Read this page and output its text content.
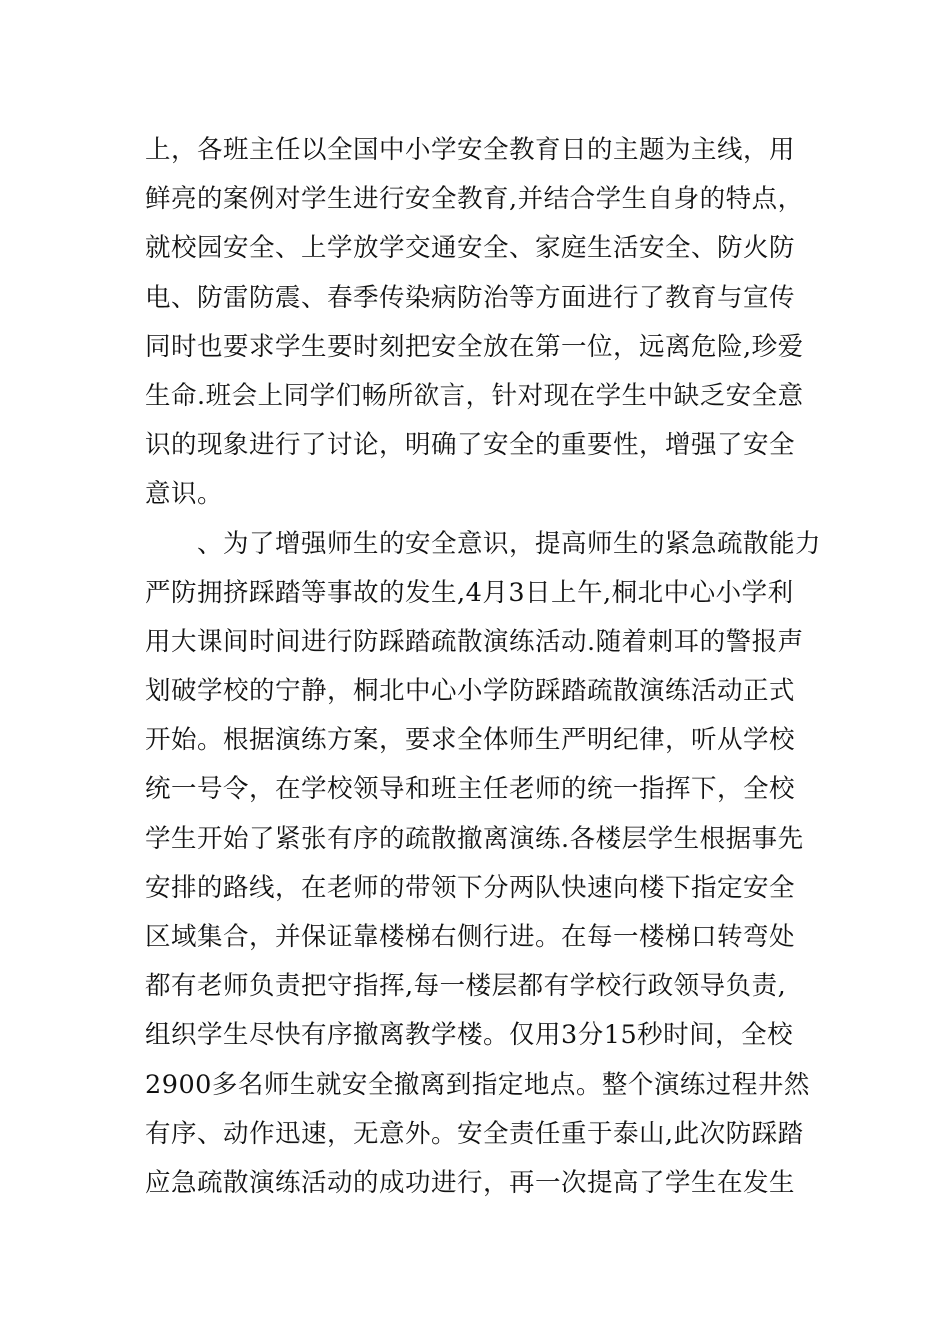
上，各班主任以全国中小学安全教育日的主题为主线，用
鲜亮的案例对学生进行安全教育,并结合学生自身的特点，
就校园安全、上学放学交通安全、家庭生活安全、防火防
电、防雷防震、春季传染病防治等方面进行了教育与宣传
同时也要求学生要时刻把安全放在第一位，远离危险,珍爱
生命.班会上同学们畅所欲言，针对现在学生中缺乏安全意
识的现象进行了讨论，明确了安全的重要性，增强了安全
意识。
　　、为了增强师生的安全意识，提高师生的紧急疏散能力
严防拥挤踩踏等事故的发生,4月3日上午,桐北中心小学利
用大课间时间进行防踩踏疏散演练活动.随着刺耳的警报声
划破学校的宁静，桐北中心小学防踩踏疏散演练活动正式
开始。根据演练方案，要求全体师生严明纪律，听从学校
统一号令，在学校领导和班主任老师的统一指挥下，全校
学生开始了紧张有序的疏散撤离演练.各楼层学生根据事先
安排的路线，在老师的带领下分两队快速向楼下指定安全
区域集合，并保证靠楼梯右侧行进。在每一楼梯口转弯处
都有老师负责把守指挥,每一楼层都有学校行政领导负责,
组织学生尽快有序撤离教学楼。仅用3分15秒时间，全校
2900多名师生就安全撤离到指定地点。整个演练过程井然
有序、动作迅速，无意外。安全责任重于泰山,此次防踩踏
应急疏散演练活动的成功进行，再一次提高了学生在发生
